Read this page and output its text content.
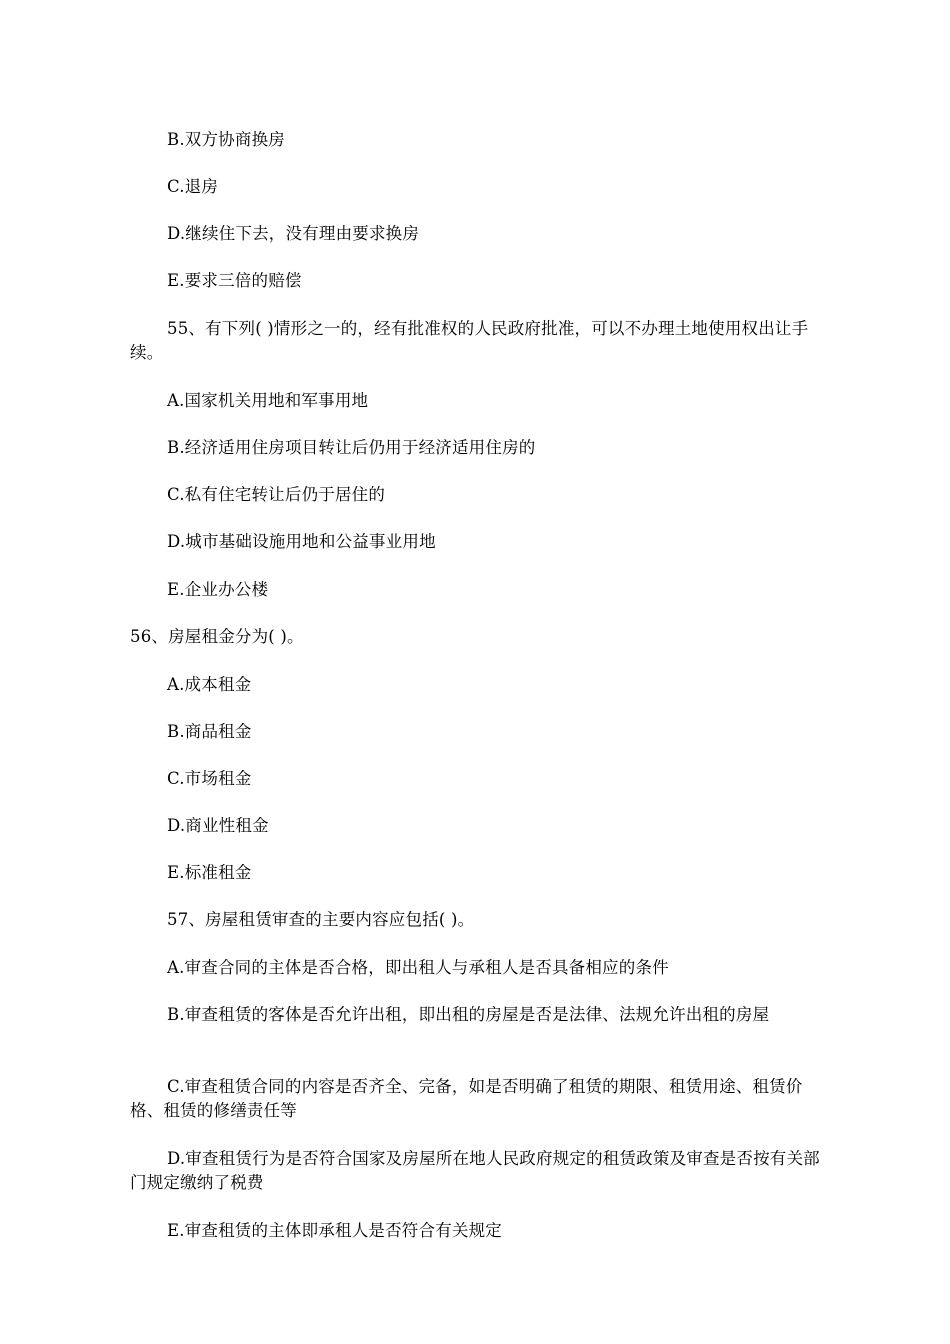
B.双方协商换房
C.退房
D.继续住下去，没有理由要求换房
E.要求三倍的赔偿
55、有下列( )情形之一的，经有批准权的人民政府批准，可以不办理土地使用权出让手续。
A.国家机关用地和军事用地
B.经济适用住房项目转让后仍用于经济适用住房的
C.私有住宅转让后仍于居住的
D.城市基础设施用地和公益事业用地
E.企业办公楼
56、房屋租金分为( )。
A.成本租金
B.商品租金
C.市场租金
D.商业性租金
E.标准租金
57、房屋租赁审查的主要内容应包括( )。
A.审查合同的主体是否合格，即出租人与承租人是否具备相应的条件
B.审查租赁的客体是否允许出租，即出租的房屋是否是法律、法规允许出租的房屋
C.审查租赁合同的内容是否齐全、完备，如是否明确了租赁的期限、租赁用途、租赁价格、租赁的修缮责任等
D.审查租赁行为是否符合国家及房屋所在地人民政府规定的租赁政策及审查是否按有关部门规定缴纳了税费
E.审查租赁的主体即承租人是否符合有关规定
